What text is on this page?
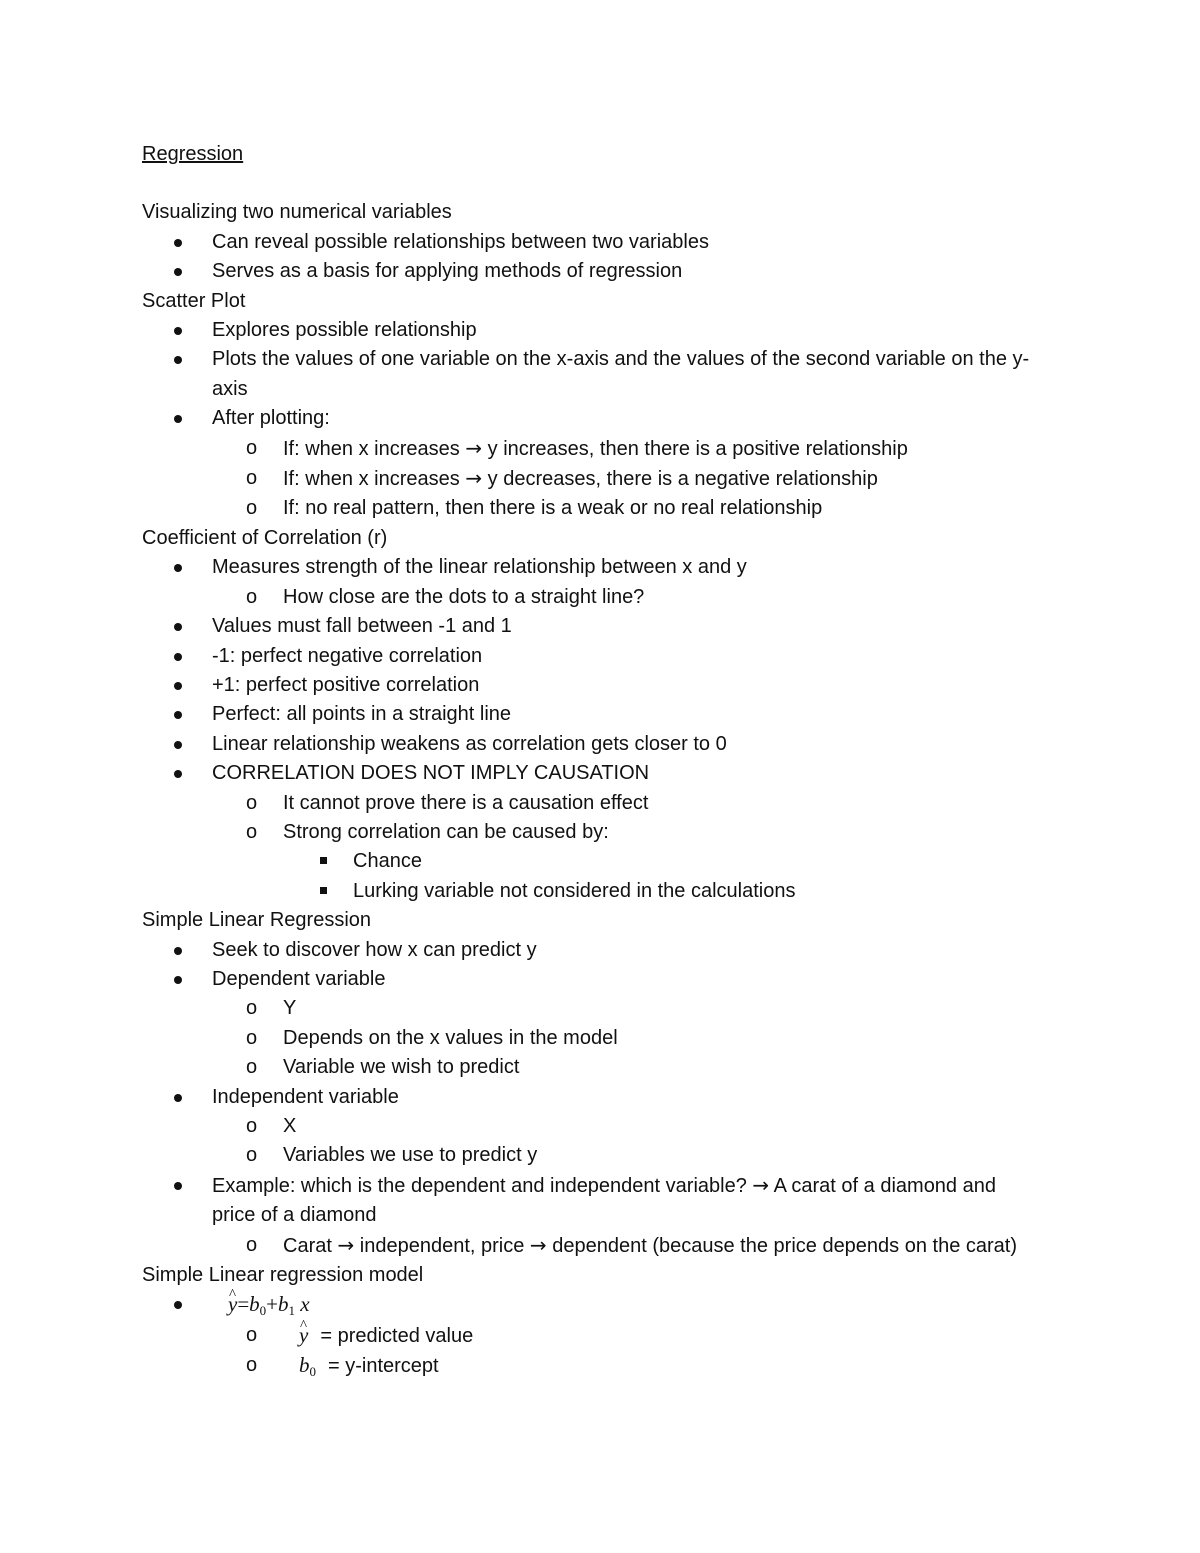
Regression
Visualizing two numerical variables
Can reveal possible relationships between two variables
Serves as a basis for applying methods of regression
Scatter Plot
Explores possible relationship
Plots the values of one variable on the x-axis and the values of the second variable on the y-axis
After plotting:
o If: when x increases → y increases, then there is a positive relationship
o If: when x increases → y decreases, there is a negative relationship
o If: no real pattern, then there is a weak or no real relationship
Coefficient of Correlation (r)
Measures strength of the linear relationship between x and y
o How close are the dots to a straight line?
Values must fall between -1 and 1
-1: perfect negative correlation
+1: perfect positive correlation
Perfect: all points in a straight line
Linear relationship weakens as correlation gets closer to 0
CORRELATION DOES NOT IMPLY CAUSATION
o It cannot prove there is a causation effect
o Strong correlation can be caused by:
Chance
Lurking variable not considered in the calculations
Simple Linear Regression
Seek to discover how x can predict y
Dependent variable
o Y
o Depends on the x values in the model
o Variable we wish to predict
Independent variable
o X
o Variables we use to predict y
Example: which is the dependent and independent variable? → A carat of a diamond and price of a diamond
o Carat → independent, price → dependent (because the price depends on the carat)
Simple Linear regression model
^ $y=b_0+b_1$ x
o
^ y = predicted value
o $b_0$ = y-intercept
